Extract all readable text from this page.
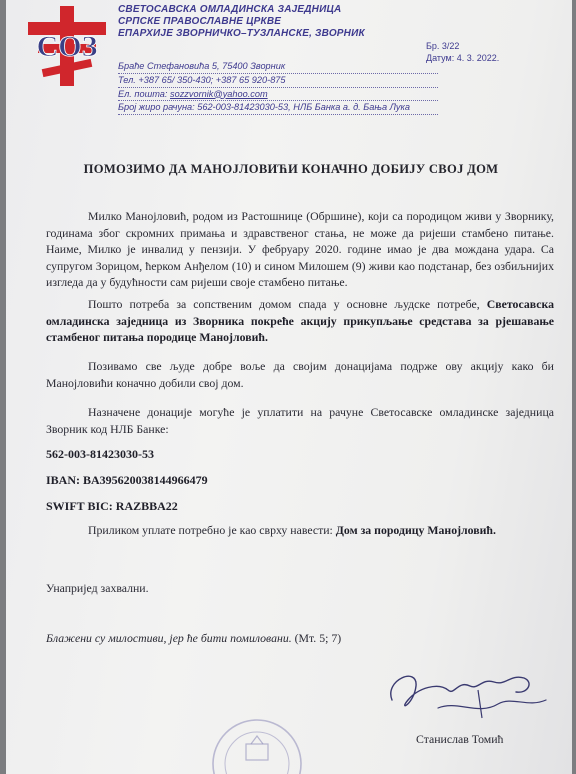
СОЗ
СВЕТОСАВСКА ОМЛАДИНСКА ЗАЈЕДНИЦА
СРПСКЕ ПРАВОСЛАВНЕ ЦРКВЕ
ЕПАРХИЈЕ ЗВОРНИЧКО–ТУЗЛАНСКЕ, ЗВОРНИК
Браће Стефановића 5, 75400 Зворник
Тел. +387 65/ 350-430; +387 65 920-875
Ел. пошта: sozzvornik@yahoo.com
Број жиро рачуна: 562-003-81423030-53, НЛБ Банка а. д. Бања Лука
Бр. 3/22
Датум: 4. 3. 2022.
ПОМОЗИМО ДА МАНОЈЛОВИЋИ КОНАЧНО ДОБИЈУ СВОЈ ДОМ
Милко Манојловић, родом из Растошнице (Обршине), који са породицом живи у Зворнику, годинама због скромних примања и здравственог стања, не може да ријеши стамбено питање. Наиме, Милко је инвалид у пензији. У фебруару 2020. године имао је два мождана удара. Са супругом Зорицом, ћерком Анђелом (10) и сином Милошем (9) живи као подстанар, без озбиљнијих изгледа да у будућности сам ријеши своје стамбено питање.
Пошто потреба за сопственим домом спада у основне људске потребе, Светосавска омладинска заједница из Зворника покреће акцију прикупљање средстава за рјешавање стамбеног питања породице Манојловић.
Позивамо све људе добре воље да својим донацијама подрже ову акцију како би Манојловићи коначно добили свој дом.
Назначене донације могуће је уплатити на рачуне Светосавске омладинске заједница Зворник код НЛБ Банке:
562-003-81423030-53
IBAN: BA395620038144966479
SWIFT BIC: RAZBBA22
Приликом уплате потребно је као сврху навести: Дом за породицу Манојловић.
Унапријед захвални.
Блажени су милостиви, јер ће бити помиловани. (Мт. 5; 7)
Станислав Томић
